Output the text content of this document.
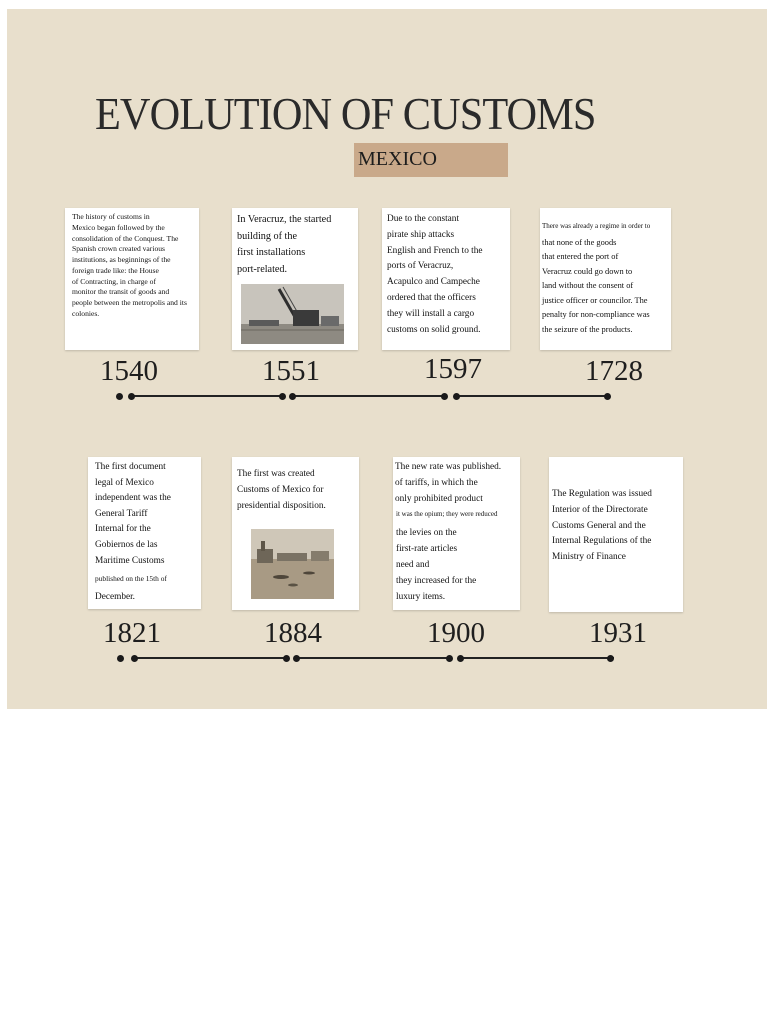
EVOLUTION OF CUSTOMS
MEXICO
The history of customs in
Mexico began followed by the
consolidation of the Conquest. The
Spanish crown created various
institutions, as beginnings of the
foreign trade like: the House
of Contracting, in charge of
monitor the transit of goods and
people between the metropolis and its
colonies.
In Veracruz, the started
building of the
first installations
port-related.
Due to the constant
pirate ship attacks
English and French to the
ports of Veracruz,
Acapulco and Campeche
ordered that the officers
they will install a cargo
customs on solid ground.
There was already a regime in order to
that none of the goods
that entered the port of
Veracruz could go down to
land without the consent of
justice officer or councilor. The
penalty for non-compliance was
the seizure of the products.
1540	1551	1597	1728
The first document
legal of Mexico
independent was the
General Tariff
Internal for the
Gobiernos de las
Maritime Customs
published on the 15th of
December.
The first was created
Customs of Mexico for
presidential disposition.
The new rate was published.
of tariffs, in which the
only prohibited product
it was the opium; they were reduced
the levies on the
first-rate articles
need and
they increased for the
luxury items.
The Regulation was issued
Interior of the Directorate
Customs General and the
Internal Regulations of the
Ministry of Finance
1821	1884	1900	1931
